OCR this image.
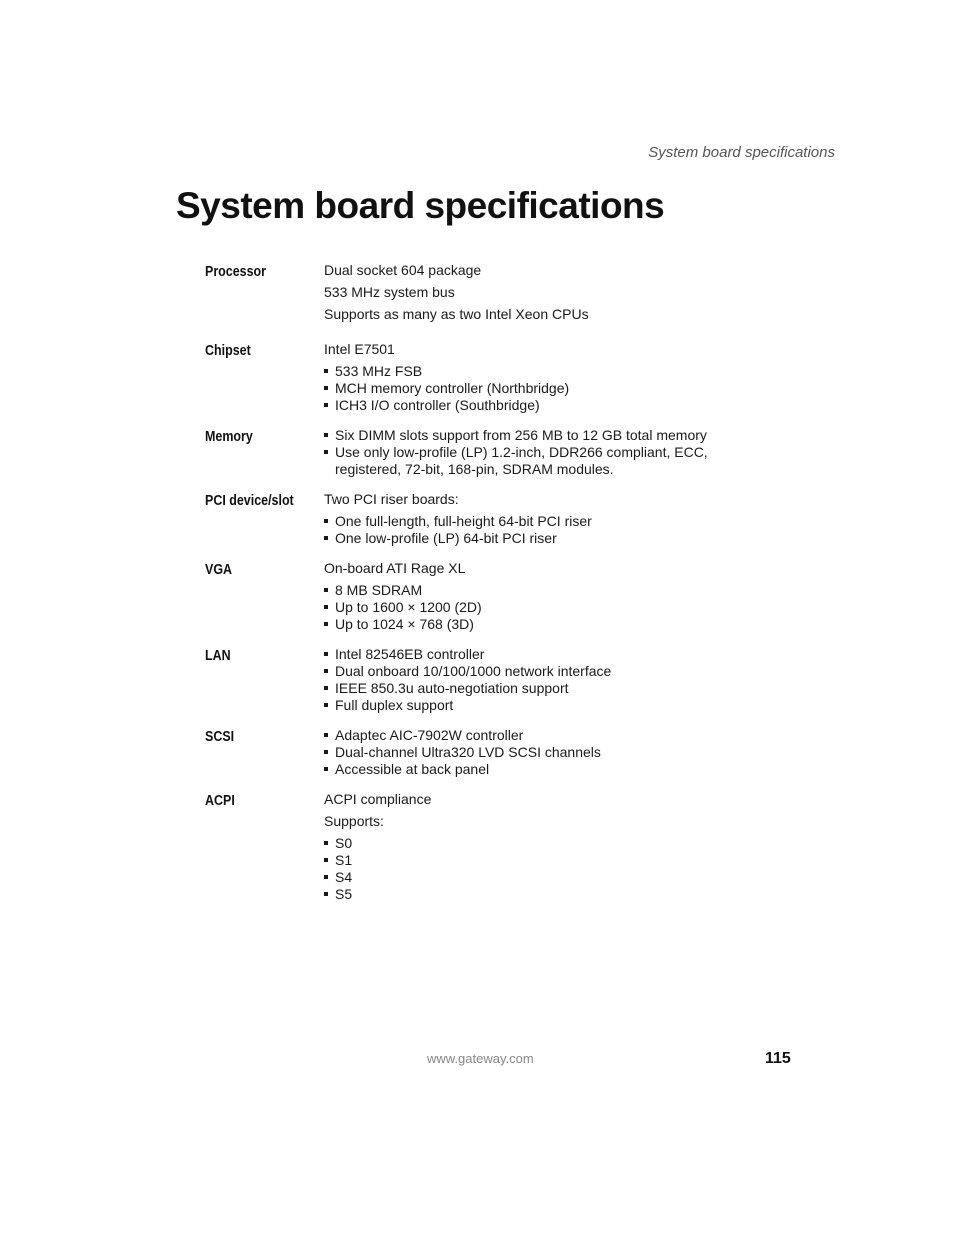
System board specifications
System board specifications
Processor	Dual socket 604 package
533 MHz system bus
Supports as many as two Intel Xeon CPUs
Chipset	Intel E7501
533 MHz FSB
MCH memory controller (Northbridge)
ICH3 I/O controller (Southbridge)
Memory	Six DIMM slots support from 256 MB to 12 GB total memory
Use only low-profile (LP) 1.2-inch, DDR266 compliant, ECC, registered, 72-bit, 168-pin, SDRAM modules.
PCI device/slot	Two PCI riser boards:
One full-length, full-height 64-bit PCI riser
One low-profile (LP) 64-bit PCI riser
VGA	On-board ATI Rage XL
8 MB SDRAM
Up to 1600 × 1200 (2D)
Up to 1024 × 768 (3D)
LAN	Intel 82546EB controller
Dual onboard 10/100/1000 network interface
IEEE 850.3u auto-negotiation support
Full duplex support
SCSI	Adaptec AIC-7902W controller
Dual-channel Ultra320 LVD SCSI channels
Accessible at back panel
ACPI	ACPI compliance
Supports:
S0
S1
S4
S5
www.gateway.com	115
